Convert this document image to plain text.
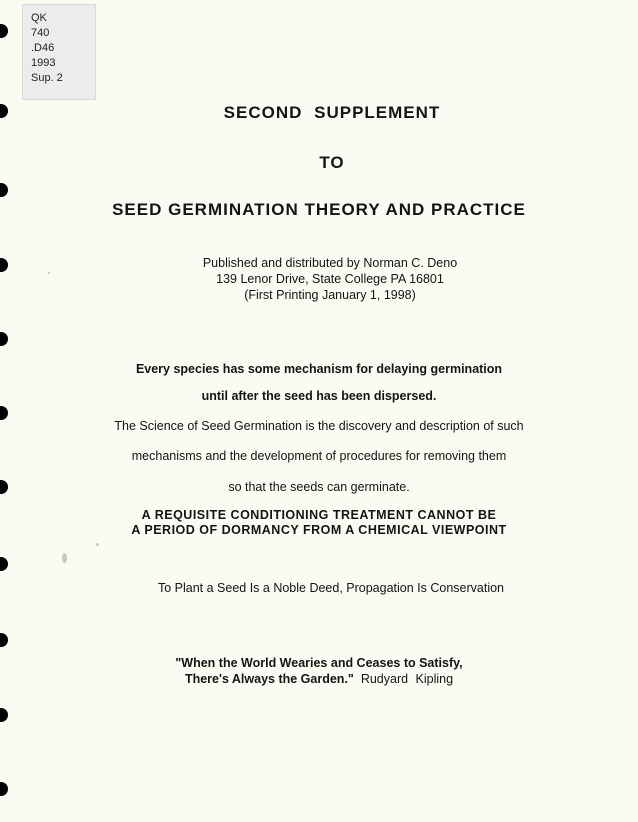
QK
740
.D46
1993
Sup. 2
SECOND SUPPLEMENT
TO
SEED GERMINATION THEORY AND PRACTICE
Published and distributed by Norman C. Deno
139 Lenor Drive, State College PA 16801
(First Printing January 1, 1998)
Every species has some mechanism for delaying germination
until after the seed has been dispersed.
The Science of Seed Germination is the discovery and description of such
mechanisms and the development of procedures for removing them
so that the seeds can germinate.
A REQUISITE CONDITIONING TREATMENT CANNOT BE
A PERIOD OF DORMANCY FROM A CHEMICAL VIEWPOINT
To Plant a Seed Is a Noble Deed, Propagation Is Conservation
"When the World Wearies and Ceases to Satisfy,
There's Always the Garden." Rudyard Kipling
